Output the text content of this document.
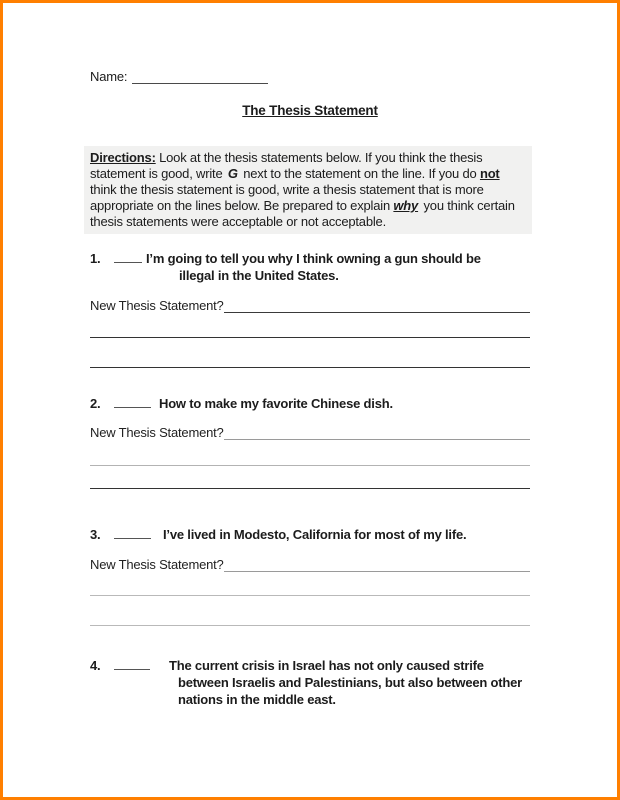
Name:
The Thesis Statement
Directions: Look at the thesis statements below. If you think the thesis
statement is good, write G next to the statement on the line. If you do not
think the thesis statement is good, write a thesis statement that is more
appropriate on the lines below. Be prepared to explain why you think certain
thesis statements were acceptable or not acceptable.
1.	I’m going to tell you why I think owning a gun should be
illegal in the United States.
New Thesis Statement?
2.	How to make my favorite Chinese dish.
New Thesis Statement?
3.	I’ve lived in Modesto, California for most of my life.
New Thesis Statement?
4.	The current crisis in Israel has not only caused strife
between Israelis and Palestinians, but also between other
nations in the middle east.
